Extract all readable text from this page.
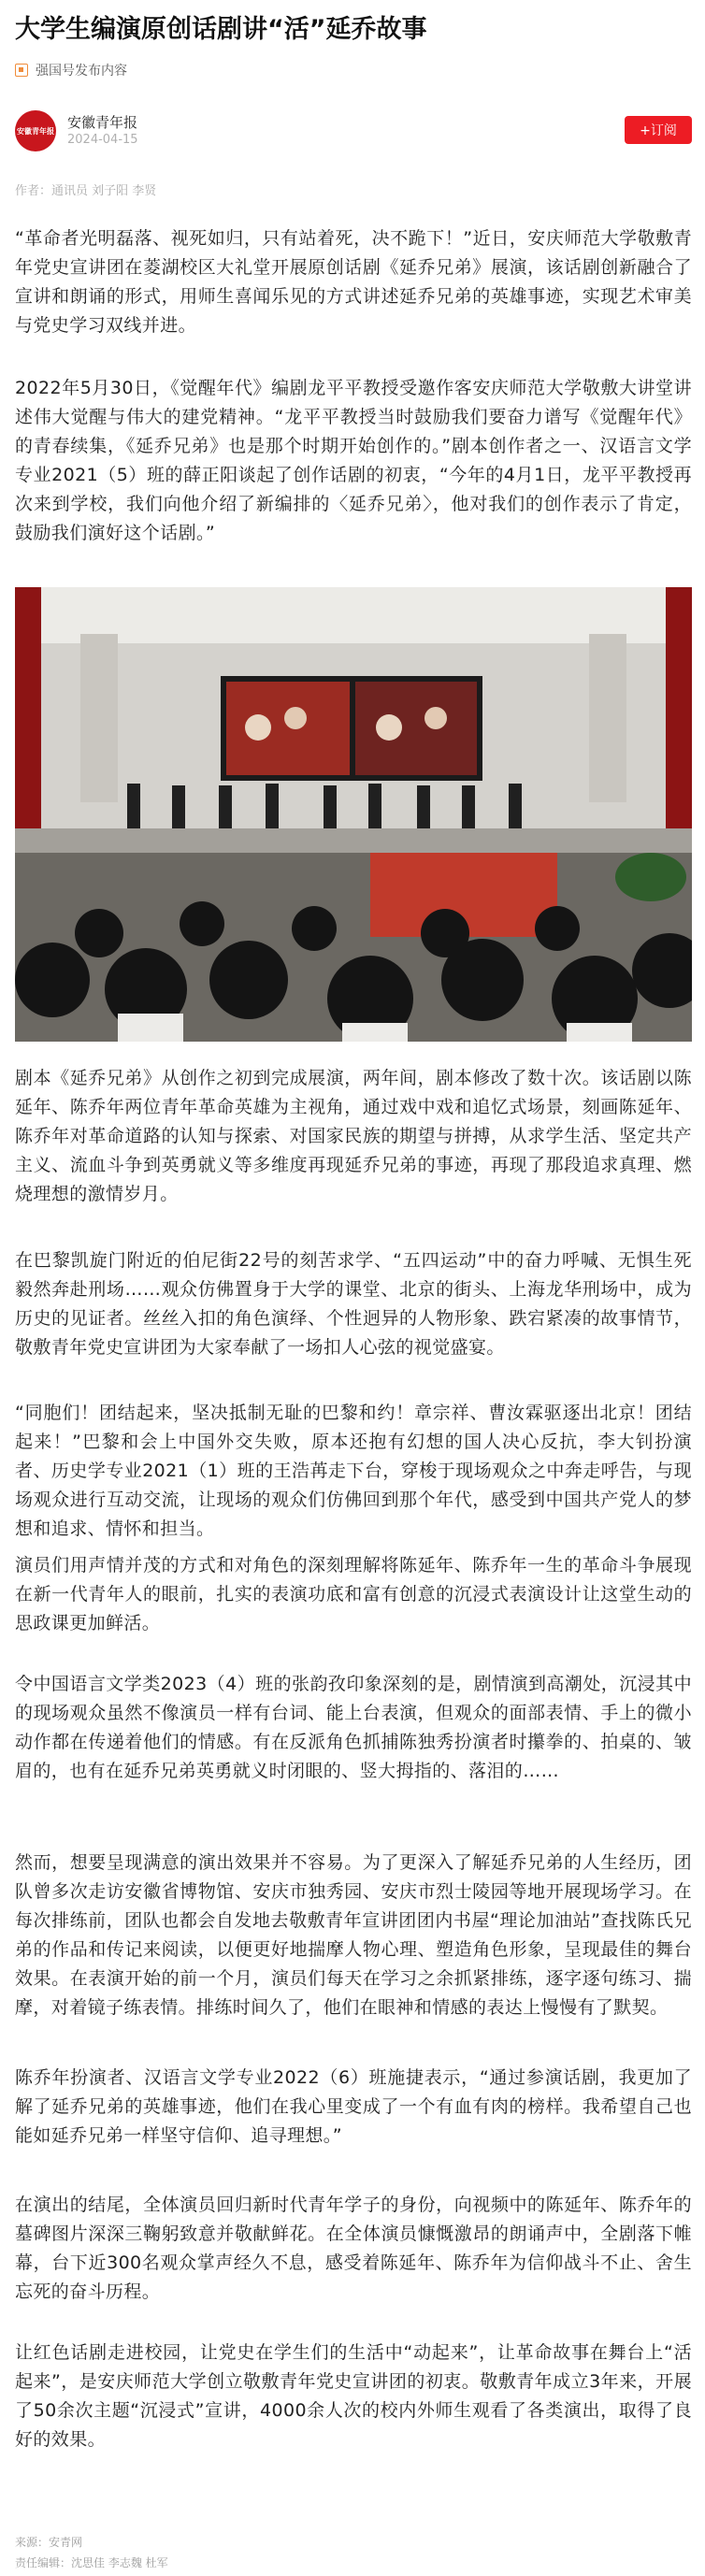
大学生编演原创话剧讲“活”延乔故事
强国号发布内容
安徽青年报 安徽青年报
2024-04-15
+订阅
作者：通讯员 刘子阳 李贤

“革命者光明磊落、视死如归，只有站着死，决不跪下！”近日，安庆师范大学敬敷青年党史宣讲团在菱湖校区大礼堂开展原创话剧《延乔兄弟》展演，该话剧创新融合了宣讲和朗诵的形式，用师生喜闻乐见的方式讲述延乔兄弟的英雄事迹，实现艺术审美与党史学习双线并进。

2022年5月30日，《觉醒年代》编剧龙平平教授受邀作客安庆师范大学敬敷大讲堂讲述伟大觉醒与伟大的建党精神。“龙平平教授当时鼓励我们要奋力谱写《觉醒年代》的青春续集，《延乔兄弟》也是那个时期开始创作的。”剧本创作者之一、汉语言文学专业2021（5）班的薛正阳谈起了创作话剧的初衷，“今年的4月1日，龙平平教授再次来到学校，我们向他介绍了新编排的〈延乔兄弟〉，他对我们的创作表示了肯定，鼓励我们演好这个话剧。”

剧本《延乔兄弟》从创作之初到完成展演，两年间，剧本修改了数十次。该话剧以陈延年、陈乔年两位青年革命英雄为主视角，通过戏中戏和追忆式场景，刻画陈延年、陈乔年对革命道路的认知与探索、对国家民族的期望与拼搏，从求学生活、坚定共产主义、流血斗争到英勇就义等多维度再现延乔兄弟的事迹，再现了那段追求真理、燃烧理想的激情岁月。

在巴黎凯旋门附近的伯尼街22号的刻苦求学、“五四运动”中的奋力呼喊、无惧生死毅然奔赴刑场……观众仿佛置身于大学的课堂、北京的街头、上海龙华刑场中，成为历史的见证者。丝丝入扣的角色演绎、个性迥异的人物形象、跌宕紧凑的故事情节，敬敷青年党史宣讲团为大家奉献了一场扣人心弦的视觉盛宴。

“同胞们！团结起来，坚决抵制无耻的巴黎和约！章宗祥、曹汝霖驱逐出北京！团结起来！”巴黎和会上中国外交失败，原本还抱有幻想的国人决心反抗，李大钊扮演者、历史学专业2021（1）班的王浩苒走下台，穿梭于现场观众之中奔走呼告，与现场观众进行互动交流，让现场的观众们仿佛回到那个年代，感受到中国共产党人的梦想和追求、情怀和担当。

演员们用声情并茂的方式和对角色的深刻理解将陈延年、陈乔年一生的革命斗争展现在新一代青年人的眼前，扎实的表演功底和富有创意的沉浸式表演设计让这堂生动的思政课更加鲜活。

令中国语言文学类2023（4）班的张韵孜印象深刻的是，剧情演到高潮处，沉浸其中的现场观众虽然不像演员一样有台词、能上台表演，但观众的面部表情、手上的微小动作都在传递着他们的情感。有在反派角色抓捕陈独秀扮演者时攥拳的、拍桌的、皱眉的，也有在延乔兄弟英勇就义时闭眼的、竖大拇指的、落泪的……

然而，想要呈现满意的演出效果并不容易。为了更深入了解延乔兄弟的人生经历，团队曾多次走访安徽省博物馆、安庆市独秀园、安庆市烈士陵园等地开展现场学习。在每次排练前，团队也都会自发地去敬敷青年宣讲团团内书屋“理论加油站”查找陈氏兄弟的作品和传记来阅读，以便更好地揣摩人物心理、塑造角色形象，呈现最佳的舞台效果。在表演开始的前一个月，演员们每天在学习之余抓紧排练，逐字逐句练习、揣摩，对着镜子练表情。排练时间久了，他们在眼神和情感的表达上慢慢有了默契。

陈乔年扮演者、汉语言文学专业2022（6）班施捷表示，“通过参演话剧，我更加了解了延乔兄弟的英雄事迹，他们在我心里变成了一个有血有肉的榜样。我希望自己也能如延乔兄弟一样坚守信仰、追寻理想。”

在演出的结尾，全体演员回归新时代青年学子的身份，向视频中的陈延年、陈乔年的墓碑图片深深三鞠躬致意并敬献鲜花。在全体演员慷慨激昂的朗诵声中，全剧落下帷幕，台下近300名观众掌声经久不息，感受着陈延年、陈乔年为信仰战斗不止、舍生忘死的奋斗历程。

让红色话剧走进校园，让党史在学生们的生活中“动起来”，让革命故事在舞台上“活起来”，是安庆师范大学创立敬敷青年党史宣讲团的初衷。敬敷青年成立3年来，开展了50余次主题“沉浸式”宣讲，4000余人次的校内外师生观看了各类演出，取得了良好的效果。

来源：安青网
责任编辑：沈思佳 李志魏 杜军
